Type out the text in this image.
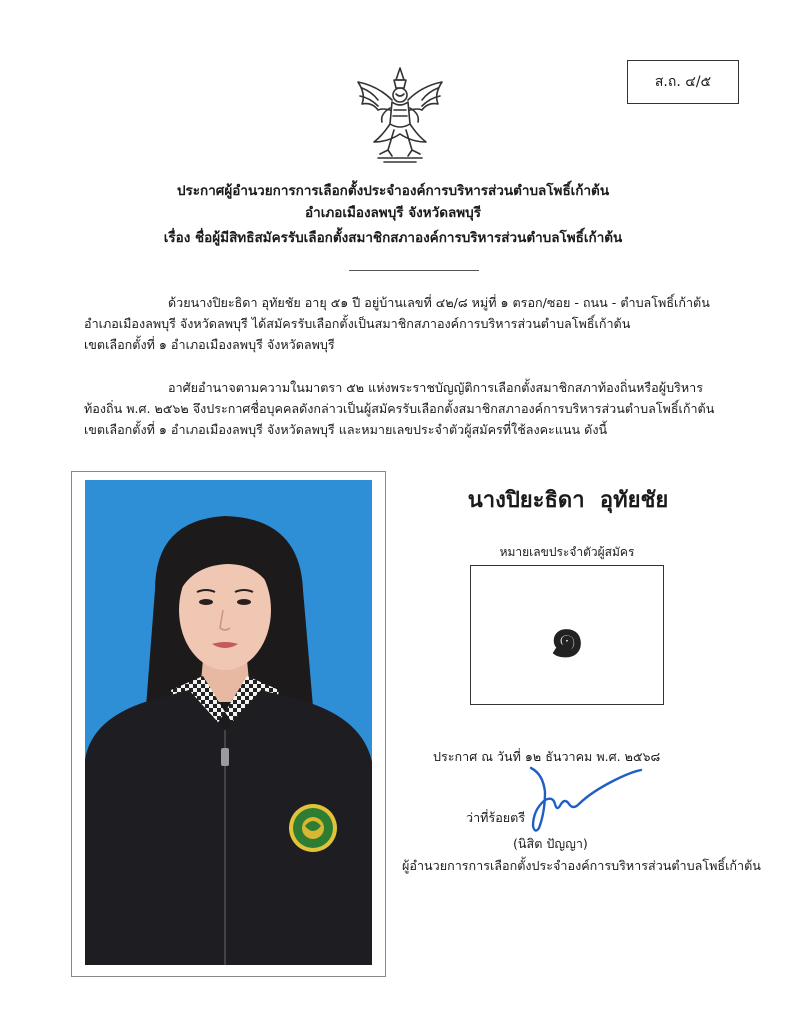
ส.ถ. ๔/๕
ประกาศผู้อำนวยการการเลือกตั้งประจำองค์การบริหารส่วนตำบลโพธิ์เก้าต้น
อำเภอเมืองลพบุรี จังหวัดลพบุรี
เรื่อง ชื่อผู้มีสิทธิสมัครรับเลือกตั้งสมาชิกสภาองค์การบริหารส่วนตำบลโพธิ์เก้าต้น

ด้วยนางปิยะธิดา อุทัยชัย อายุ ๕๑ ปี อยู่บ้านเลขที่ ๔๒/๘ หมู่ที่ ๑ ตรอก/ซอย - ถนน - ตำบลโพธิ์เก้าต้น
อำเภอเมืองลพบุรี จังหวัดลพบุรี ได้สมัครรับเลือกตั้งเป็นสมาชิกสภาองค์การบริหารส่วนตำบลโพธิ์เก้าต้น
เขตเลือกตั้งที่ ๑ อำเภอเมืองลพบุรี จังหวัดลพบุรี

อาศัยอำนาจตามความในมาตรา ๕๒ แห่งพระราชบัญญัติการเลือกตั้งสมาชิกสภาท้องถิ่นหรือผู้บริหาร
ท้องถิ่น พ.ศ. ๒๕๖๒ จึงประกาศชื่อบุคคลดังกล่าวเป็นผู้สมัครรับเลือกตั้งสมาชิกสภาองค์การบริหารส่วนตำบลโพธิ์เก้าต้น
เขตเลือกตั้งที่ ๑ อำเภอเมืองลพบุรี จังหวัดลพบุรี และหมายเลขประจำตัวผู้สมัครที่ใช้ลงคะแนน ดังนี้

นางปิยะธิดา  อุทัยชัย
หมายเลขประจำตัวผู้สมัคร
๑
ประกาศ ณ วันที่ ๑๒ ธันวาคม พ.ศ. ๒๕๖๘
ว่าที่ร้อยตรี
(นิสิต ปัญญา)
ผู้อำนวยการการเลือกตั้งประจำองค์การบริหารส่วนตำบลโพธิ์เก้าต้น
